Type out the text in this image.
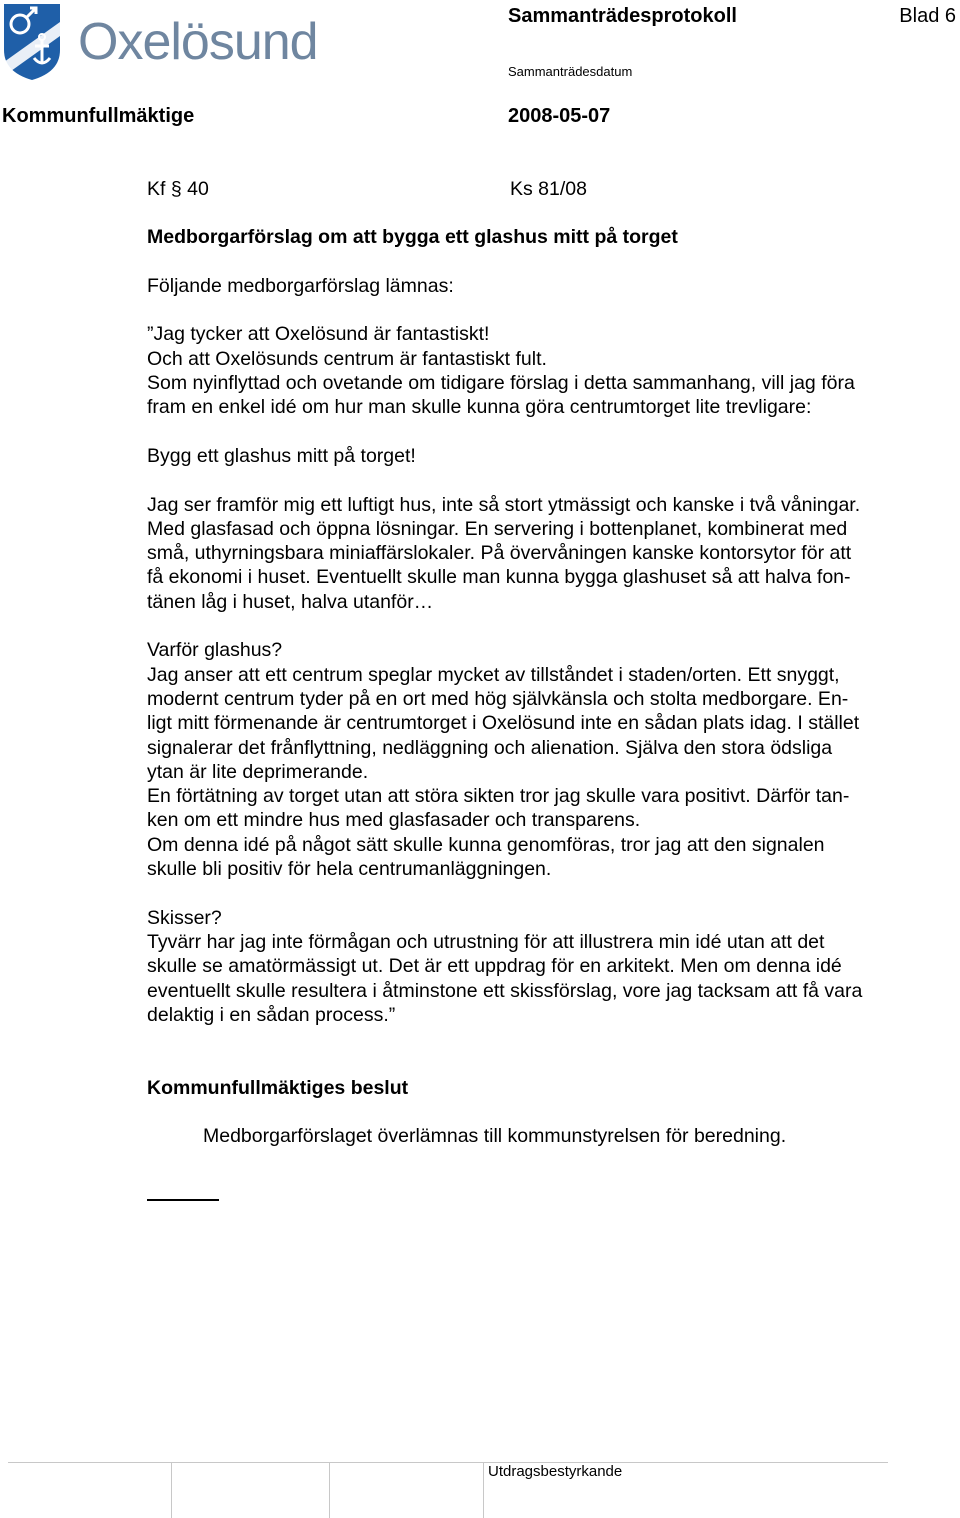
Oxelösund	Sammanträdesprotokoll	Blad 6
Sammanträdesdatum
Kommunfullmäktige	2008-05-07
Kf § 40	Ks 81/08

Medborgarförslag om att bygga ett glashus mitt på torget

Följande medborgarförslag lämnas:

”Jag tycker att Oxelösund är fantastiskt!
Och att Oxelösunds centrum är fantastiskt fult.
Som nyinflyttad och ovetande om tidigare förslag i detta sammanhang, vill jag föra
fram en enkel idé om hur man skulle kunna göra centrumtorget lite trevligare:

Bygg ett glashus mitt på torget!

Jag ser framför mig ett luftigt hus, inte så stort ytmässigt och kanske i två våningar.
Med glasfasad och öppna lösningar. En servering i bottenplanet, kombinerat med
små, uthyrningsbara miniaffärslokaler. På övervåningen kanske kontorsytor för att
få ekonomi i huset. Eventuellt skulle man kunna bygga glashuset så att halva fon-
tänen låg i huset, halva utanför…

Varför glashus?
Jag anser att ett centrum speglar mycket av tillståndet i staden/orten. Ett snyggt,
modernt centrum tyder på en ort med hög självkänsla och stolta medborgare. En-
ligt mitt förmenande är centrumtorget i Oxelösund inte en sådan plats idag. I stället
signalerar det frånflyttning, nedläggning och alienation. Själva den stora ödsliga
ytan är lite deprimerande.
En förtätning av torget utan att störa sikten tror jag skulle vara positivt. Därför tan-
ken om ett mindre hus med glasfasader och transparens.
Om denna idé på något sätt skulle kunna genomföras, tror jag att den signalen
skulle bli positiv för hela centrumanläggningen.

Skisser?
Tyvärr har jag inte förmågan och utrustning för att illustrera min idé utan att det
skulle se amatörmässigt ut. Det är ett uppdrag för en arkitekt. Men om denna idé
eventuellt skulle resultera i åtminstone ett skissförslag, vore jag tacksam att få vara
delaktig i en sådan process.”

Kommunfullmäktiges beslut

Medborgarförslaget överlämnas till kommunstyrelsen för beredning.

Utdragsbestyrkande
